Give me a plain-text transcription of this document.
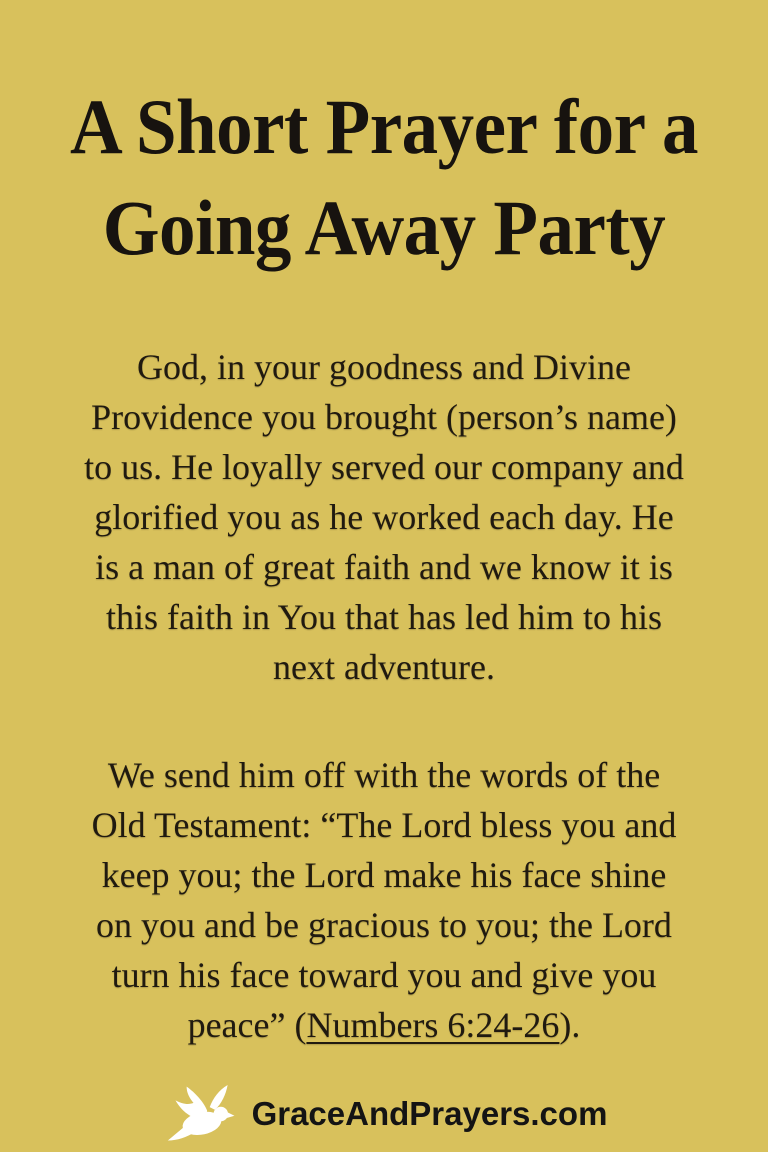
A Short Prayer for a
Going Away Party
God, in your goodness and Divine
Providence you brought (person’s name)
to us. He loyally served our company and
glorified you as he worked each day. He
is a man of great faith and we know it is
this faith in You that has led him to his
next adventure.
We send him off with the words of the
Old Testament: “The Lord bless you and
keep you; the Lord make his face shine
on you and be gracious to you; the Lord
turn his face toward you and give you
peace” (Numbers 6:24-26).
GraceAndPrayers.com
